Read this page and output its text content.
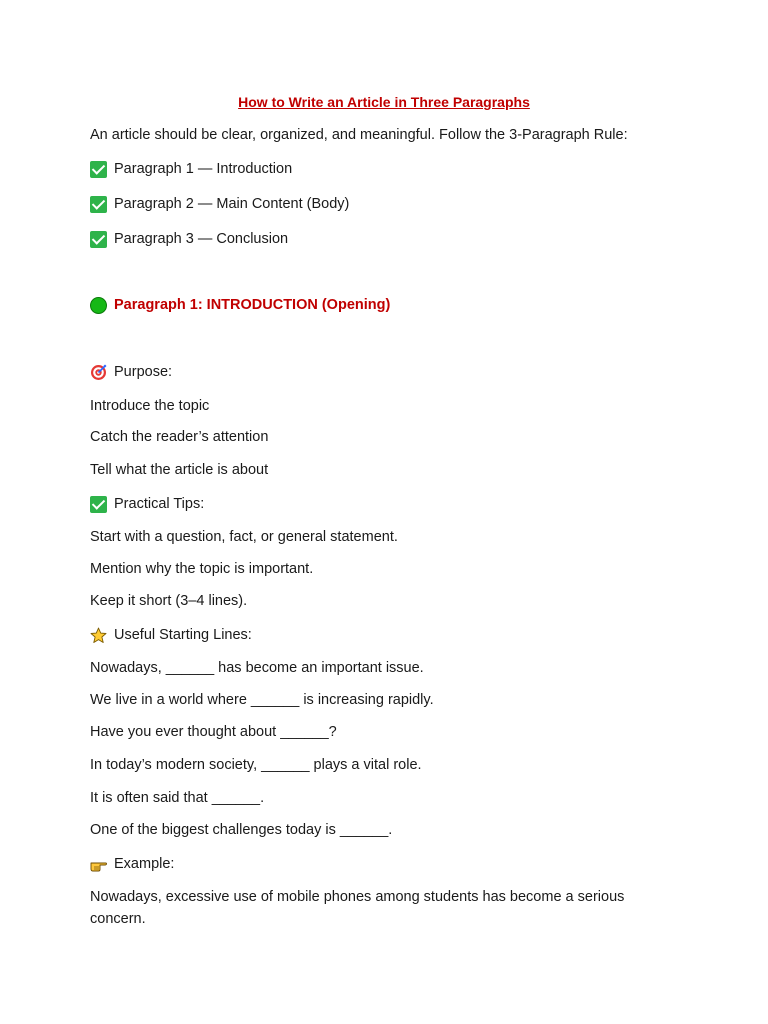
How to Write an Article in Three Paragraphs
An article should be clear, organized, and meaningful. Follow the 3-Paragraph Rule:
Paragraph 1 — Introduction
Paragraph 2 — Main Content (Body)
Paragraph 3 — Conclusion
Paragraph 1: INTRODUCTION (Opening)
Purpose:
Introduce the topic
Catch the reader’s attention
Tell what the article is about
Practical Tips:
Start with a question, fact, or general statement.
Mention why the topic is important.
Keep it short (3–4 lines).
Useful Starting Lines:
Nowadays, ______ has become an important issue.
We live in a world where ______ is increasing rapidly.
Have you ever thought about ______?
In today’s modern society, ______ plays a vital role.
It is often said that ______.
One of the biggest challenges today is ______.
Example:
Nowadays, excessive use of mobile phones among students has become a serious concern.
